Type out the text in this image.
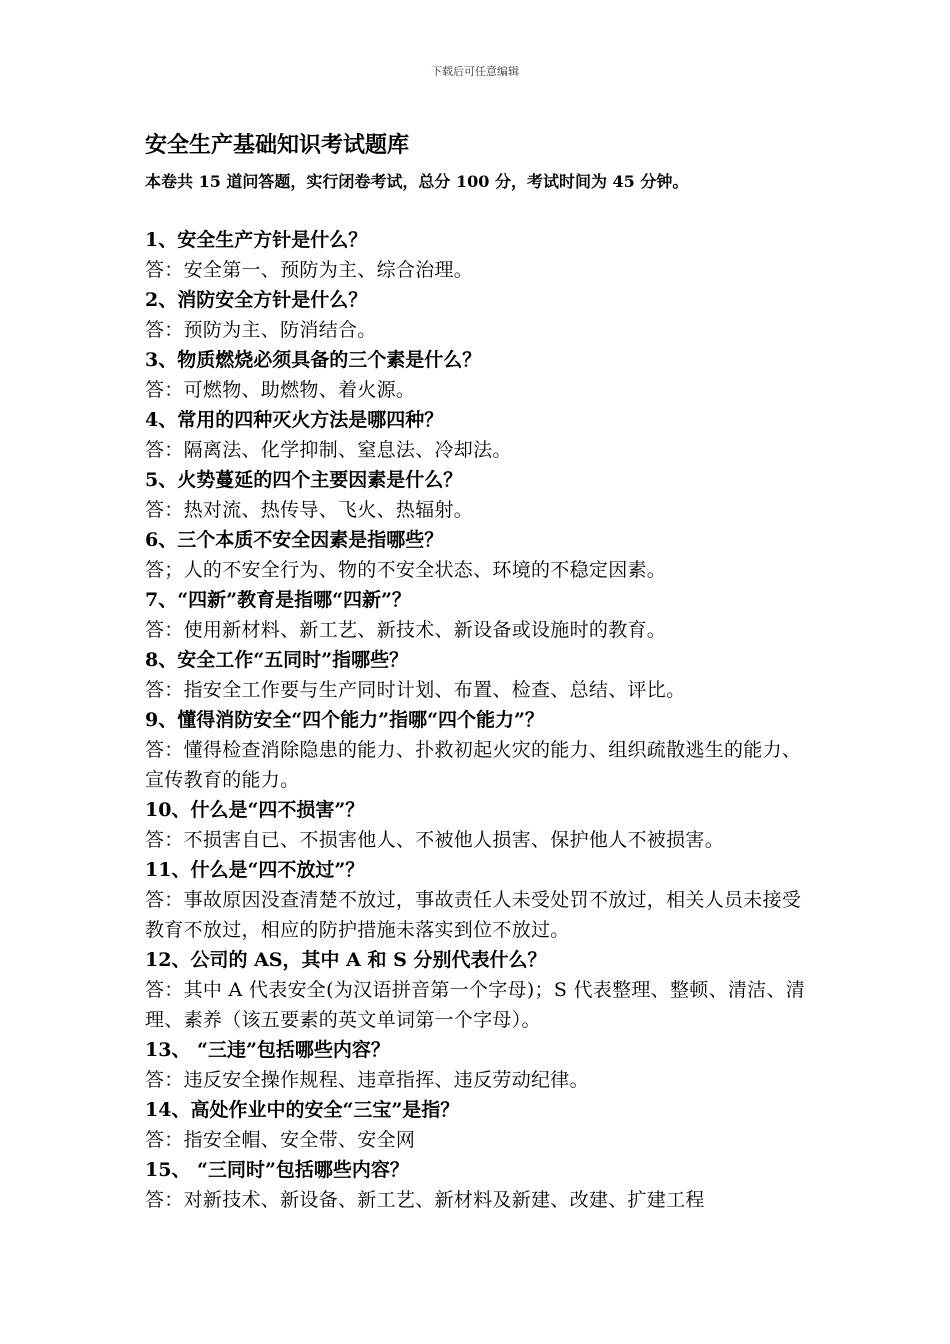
下载后可任意编辑
安全生产基础知识考试题库
本卷共 15 道问答题，实行闭卷考试，总分 100 分，考试时间为 45 分钟。
1、安全生产方针是什么？
答：安全第一、预防为主、综合治理。
2、消防安全方针是什么？
答：预防为主、防消结合。
3、物质燃烧必须具备的三个素是什么？
答：可燃物、助燃物、着火源。
4、常用的四种灭火方法是哪四种？
答：隔离法、化学抑制、窒息法、冷却法。
5、火势蔓延的四个主要因素是什么？
答：热对流、热传导、飞火、热辐射。
6、三个本质不安全因素是指哪些？
答；人的不安全行为、物的不安全状态、环境的不稳定因素。
7、“四新”教育是指哪“四新”？
答：使用新材料、新工艺、新技术、新设备或设施时的教育。
8、安全工作“五同时”指哪些？
答：指安全工作要与生产同时计划、布置、检查、总结、评比。
9、懂得消防安全“四个能力”指哪“四个能力”？
答：懂得检查消除隐患的能力、扑救初起火灾的能力、组织疏散逃生的能力、宣传教育的能力。
10、什么是“四不损害”？
答：不损害自已、不损害他人、不被他人损害、保护他人不被损害。
11、什么是“四不放过”？
答：事故原因没查清楚不放过，事故责任人未受处罚不放过，相关人员未接受教育不放过，相应的防护措施未落实到位不放过。
12、公司的 AS，其中 A 和 S 分别代表什么？
答：其中 A 代表安全(为汉语拼音第一个字母)；S 代表整理、整顿、清洁、清理、素养（该五要素的英文单词第一个字母）。
13、 “三违”包括哪些内容？
答：违反安全操作规程、违章指挥、违反劳动纪律。
14、高处作业中的安全“三宝”是指？
答：指安全帽、安全带、安全网
15、 “三同时”包括哪些内容？
答：对新技术、新设备、新工艺、新材料及新建、改建、扩建工程
